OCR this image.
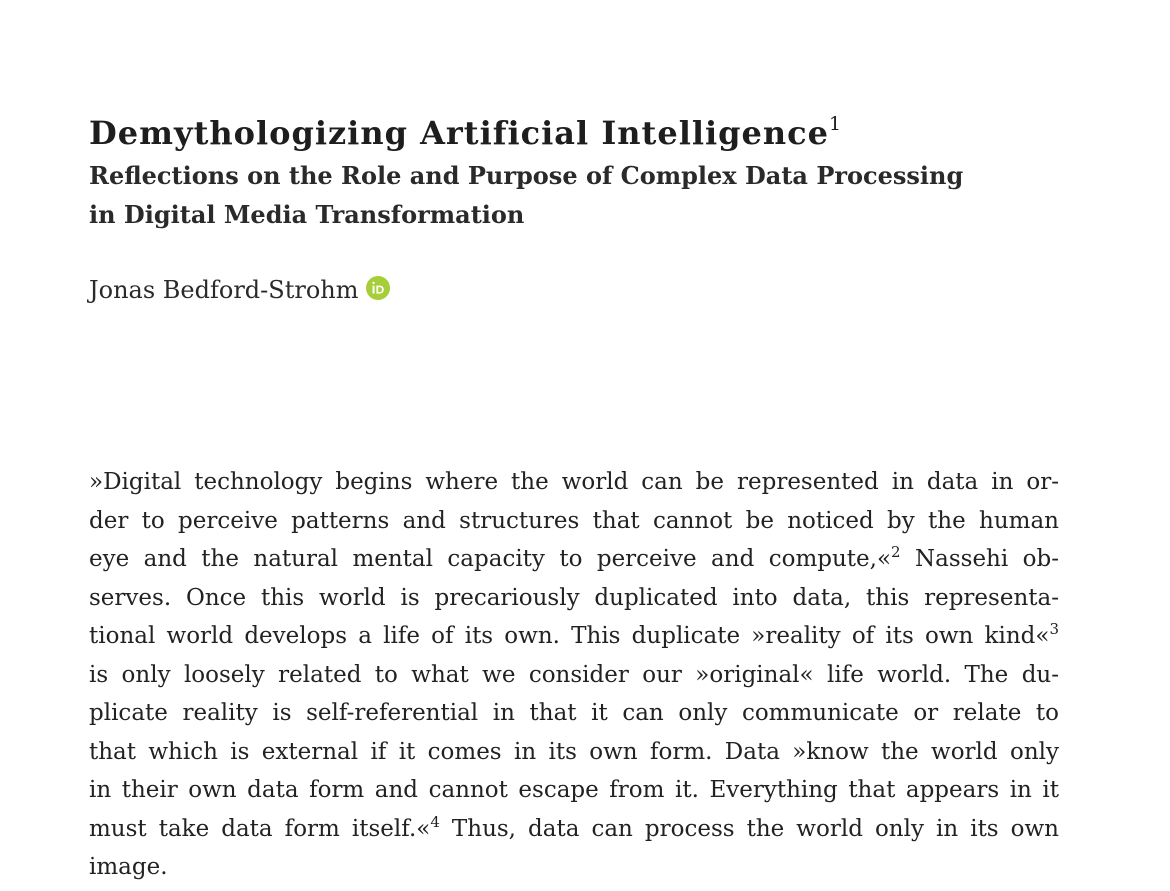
Demythologizing Artificial Intelligence$^1$
Reflections on the Role and Purpose of Complex Data Processing
in Digital Media Transformation

Jonas Bedford-Strohm

»Digital technology begins where the world can be represented in data in or-
der to perceive patterns and structures that cannot be noticed by the human
eye and the natural mental capacity to perceive and compute,«$^2$ Nassehi ob-
serves. Once this world is precariously duplicated into data, this representa-
tional world develops a life of its own. This duplicate »reality of its own kind«$^3$
is only loosely related to what we consider our »original« life world. The du-
plicate reality is self-referential in that it can only communicate or relate to
that which is external if it comes in its own form. Data »know the world only
in their own data form and cannot escape from it. Everything that appears in it
must take data form itself.«$^4$ Thus, data can process the world only in its own
image.
